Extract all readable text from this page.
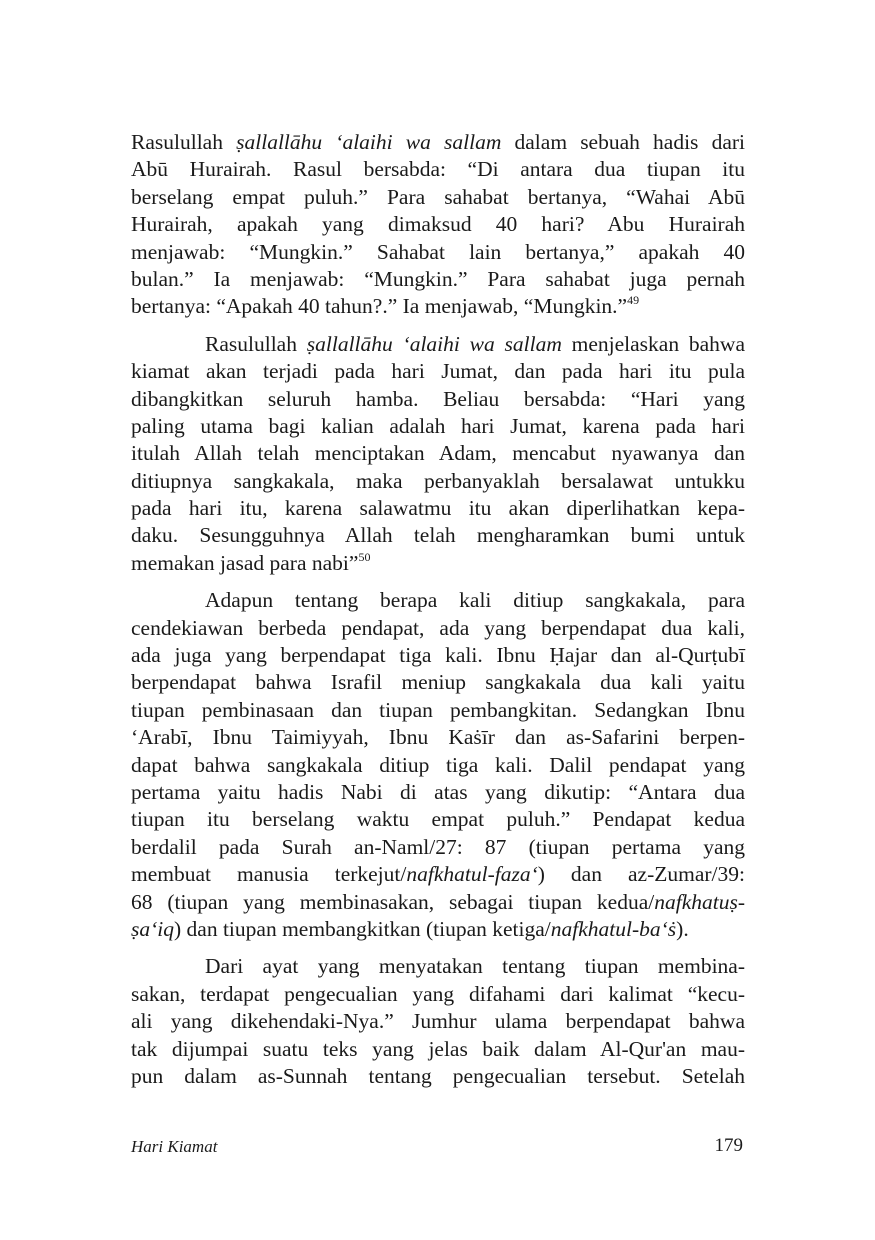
Rasulullah ṣallallāhu ‘alaihi wa sallam dalam sebuah hadis dari
Abū Hurairah. Rasul bersabda: “Di antara dua tiupan itu
berselang empat puluh.” Para sahabat bertanya, “Wahai Abū
Hurairah, apakah yang dimaksud 40 hari? Abu Hurairah
menjawab: “Mungkin.” Sahabat lain bertanya,” apakah 40
bulan.” Ia menjawab: “Mungkin.” Para sahabat juga pernah
bertanya: “Apakah 40 tahun?.” Ia menjawab, “Mungkin.”$^{49}$
Rasulullah ṣallallāhu ‘alaihi wa sallam menjelaskan bahwa
kiamat akan terjadi pada hari Jumat, dan pada hari itu pula
dibangkitkan seluruh hamba. Beliau bersabda: “Hari yang
paling utama bagi kalian adalah hari Jumat, karena pada hari
itulah Allah telah menciptakan Adam, mencabut nyawanya dan
ditiupnya sangkakala, maka perbanyaklah bersalawat untukku
pada hari itu, karena salawatmu itu akan diperlihatkan kepa-
daku. Sesungguhnya Allah telah mengharamkan bumi untuk
memakan jasad para nabi”$^{50}$
Adapun tentang berapa kali ditiup sangkakala, para
cendekiawan berbeda pendapat, ada yang berpendapat dua kali,
ada juga yang berpendapat tiga kali. Ibnu Ḥajar dan al-Qurṭubī
berpendapat bahwa Israfil meniup sangkakala dua kali yaitu
tiupan pembinasaan dan tiupan pembangkitan. Sedangkan Ibnu
‘Arabī, Ibnu Taimiyyah, Ibnu Kaṡīr dan as-Safarini berpen-
dapat bahwa sangkakala ditiup tiga kali. Dalil pendapat yang
pertama yaitu hadis Nabi di atas yang dikutip: “Antara dua
tiupan itu berselang waktu empat puluh.” Pendapat kedua
berdalil pada Surah an-Naml/27: 87 (tiupan pertama yang
membuat manusia terkejut/nafkhatul-faza‘) dan az-Zumar/39:
68 (tiupan yang membinasakan, sebagai tiupan kedua/nafkhatuṣ-
ṣa‘iq) dan tiupan membangkitkan (tiupan ketiga/nafkhatul-ba‘ṡ).
Dari ayat yang menyatakan tentang tiupan membina-
sakan, terdapat pengecualian yang difahami dari kalimat “kecu-
ali yang dikehendaki-Nya.” Jumhur ulama berpendapat bahwa
tak dijumpai suatu teks yang jelas baik dalam Al-Qur'an mau-
pun dalam as-Sunnah tentang pengecualian tersebut. Setelah
Hari Kiamat	179
